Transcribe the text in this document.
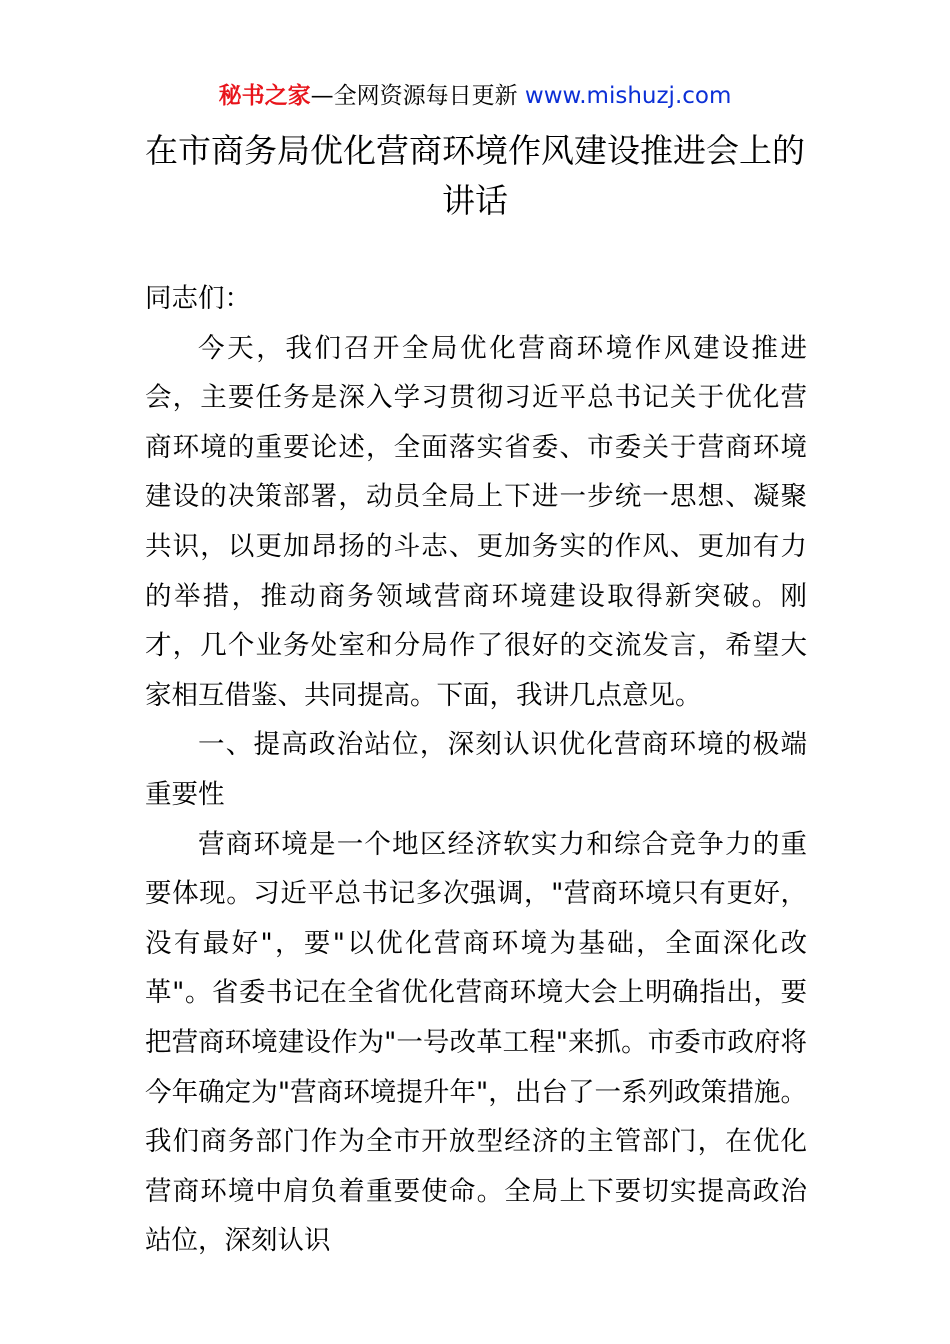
秘书之家—全网资源每日更新 www.mishuzj.com
在市商务局优化营商环境作风建设推进会上的讲话

同志们：

今天，我们召开全局优化营商环境作风建设推进会，主要任务是深入学习贯彻习近平总书记关于优化营商环境的重要论述，全面落实省委、市委关于营商环境建设的决策部署，动员全局上下进一步统一思想、凝聚共识，以更加昂扬的斗志、更加务实的作风、更加有力的举措，推动商务领域营商环境建设取得新突破。刚才，几个业务处室和分局作了很好的交流发言，希望大家相互借鉴、共同提高。下面，我讲几点意见。

一、提高政治站位，深刻认识优化营商环境的极端重要性

营商环境是一个地区经济软实力和综合竞争力的重要体现。习近平总书记多次强调，"营商环境只有更好，没有最好"，要"以优化营商环境为基础，全面深化改革"。省委书记在全省优化营商环境大会上明确指出，要把营商环境建设作为"一号改革工程"来抓。市委市政府将今年确定为"营商环境提升年"，出台了一系列政策措施。我们商务部门作为全市开放型经济的主管部门，在优化营商环境中肩负着重要使命。全局上下要切实提高政治站位，深刻认识
